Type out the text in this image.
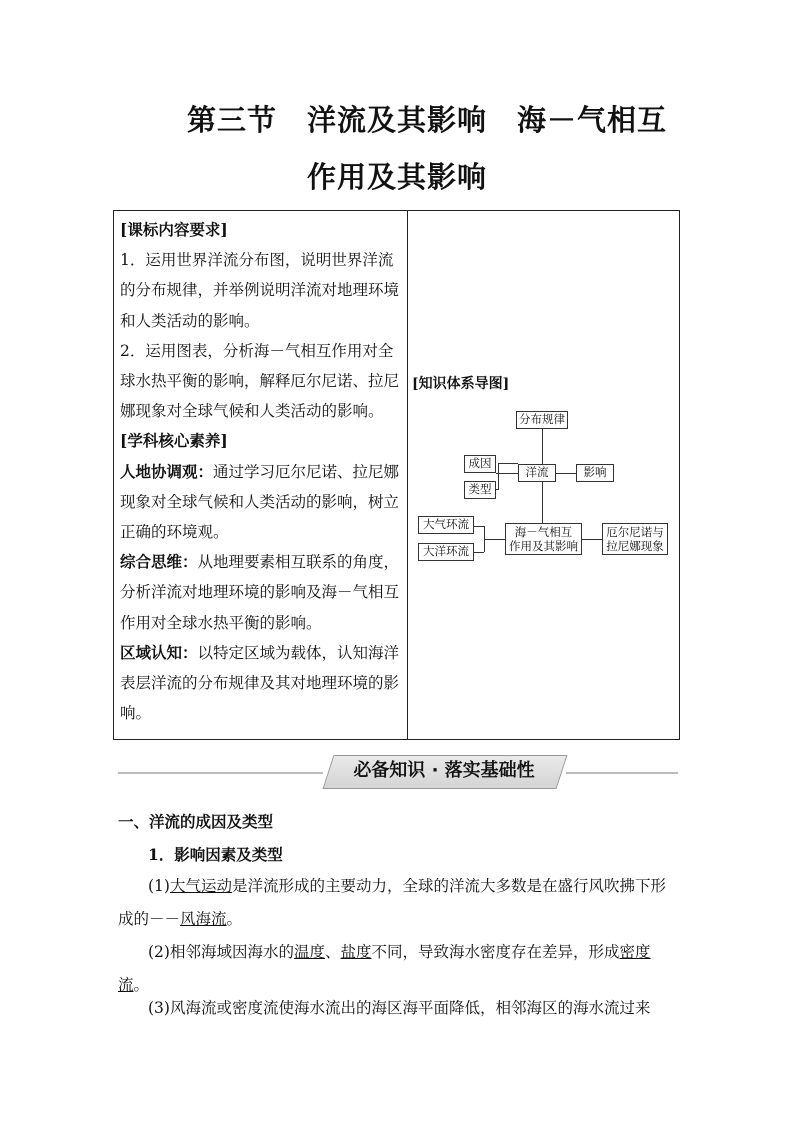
第三节　洋流及其影响　海－气相互
作用及其影响

[课标内容要求]

1．运用世界洋流分布图，说明世界洋流的分布规律，并举例说明洋流对地理环境和人类活动的影响。

2．运用图表，分析海－气相互作用对全球水热平衡的影响，解释厄尔尼诺、拉尼娜现象对全球气候和人类活动的影响。

[学科核心素养]

人地协调观：通过学习厄尔尼诺、拉尼娜现象对全球气候和人类活动的影响，树立正确的环境观。

综合思维：从地理要素相互联系的角度，分析洋流对地理环境的影响及海－气相互作用对全球水热平衡的影响。

区域认知：以特定区域为载体，认知海洋表层洋流的分布规律及其对地理环境的影响。

[知识体系导图]
分布规律
成因
类型
洋流	影响
大气环流
大洋环流
海－气相互
作用及其影响
厄尔尼诺与
拉尼娜现象
必备知识 · 落实基础性
一、洋流的成因及类型
1．影响因素及类型
(1)大气运动是洋流形成的主要动力，全球的洋流大多数是在盛行风吹拂下形成的－－风海流。
(2)相邻海域因海水的温度、盐度不同，导致海水密度存在差异，形成密度流。
(3)风海流或密度流使海水流出的海区海平面降低，相邻海区的海水流过来
